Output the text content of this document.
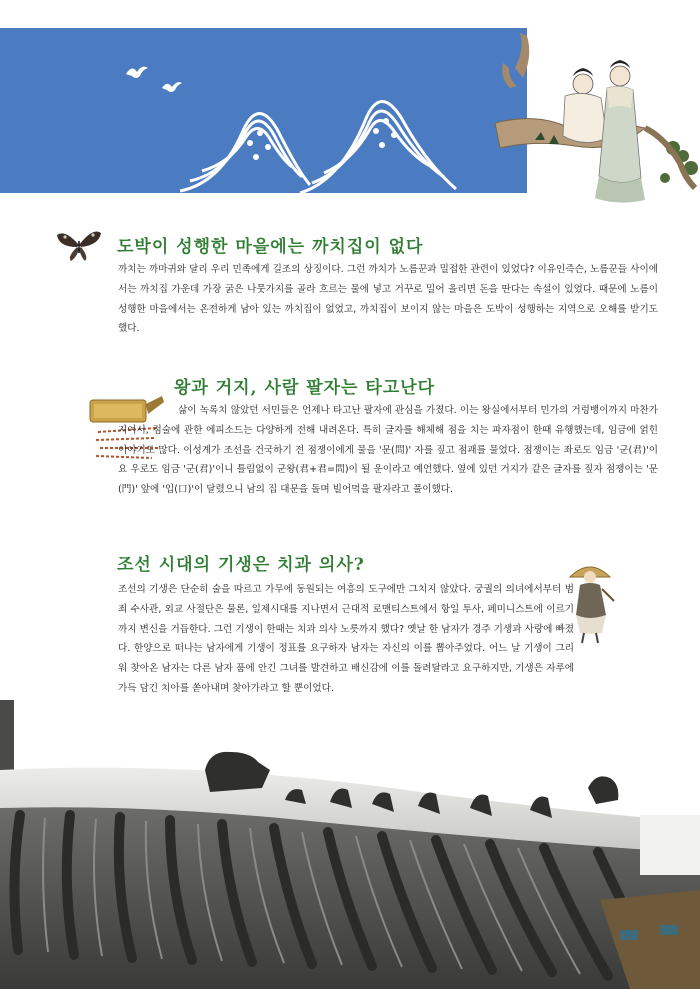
도박이 성행한 마을에는 까치집이 없다

까치는 까마귀와 달리 우리 민족에게 길조의 상징이다. 그런 까치가 노름꾼과 밀접한 관련이 있었다? 이유인즉슨, 노름꾼들 사이에서는 까치집 가운데 가장 굵은 나뭇가지를 골라 흐르는 물에 넣고 거꾸로 밀어 올리면 돈을 딴다는 속설이 있었다. 때문에 노름이 성행한 마을에서는 온전하게 남아 있는 까치집이 없었고, 까치집이 보이지 않는 마을은 도박이 성행하는 지역으로 오해를 받기도 했다.

왕과 거지, 사람 팔자는 타고난다

삶이 녹록치 않았던 서민들은 언제나 타고난 팔자에 관심을 가졌다. 이는 왕실에서부터 민가의 거렁뱅이까지 마찬가지여서, 점술에 관한 에피소드는 다양하게 전해 내려온다. 특히 글자를 해체해 점을 치는 파자점이 한때 유행했는데, 임금에 얽힌 이야기도 많다. 이성계가 조선을 건국하기 전 점쟁이에게 물을 '문(問)' 자를 짚고 점괘를 물었다. 점쟁이는 좌로도 임금 '군(君)'이요 우로도 임금 '군(君)'이니 틀림없이 군왕(君+君=問)이 될 운이라고 예언했다. 옆에 있던 거지가 같은 글자를 짚자 점쟁이는 '문(門)' 앞에 '입(口)'이 달렸으니 남의 집 대문을 돌며 빌어먹을 팔자라고 풀이했다.

조선 시대의 기생은 치과 의사?

조선의 기생은 단순히 술을 따르고 가무에 동원되는 여흥의 도구에만 그치지 않았다. 궁궐의 의녀에서부터 범죄 수사관, 외교 사절단은 물론, 일제시대를 지나면서 근대적 로맨티스트에서 항일 투사, 페미니스트에 이르기까지 변신을 거듭한다. 그런 기생이 한때는 치과 의사 노릇까지 했다? 옛날 한 남자가 경주 기생과 사랑에 빠졌다. 한양으로 떠나는 남자에게 기생이 정표를 요구하자 남자는 자신의 이를 뽑아주었다. 어느 날 기생이 그리워 찾아온 남자는 다른 남자 품에 안긴 그녀를 발견하고 배신감에 이를 돌려달라고 요구하지만, 기생은 자루에 가득 담긴 치아를 쏟아내며 찾아가라고 할 뿐이었다.
